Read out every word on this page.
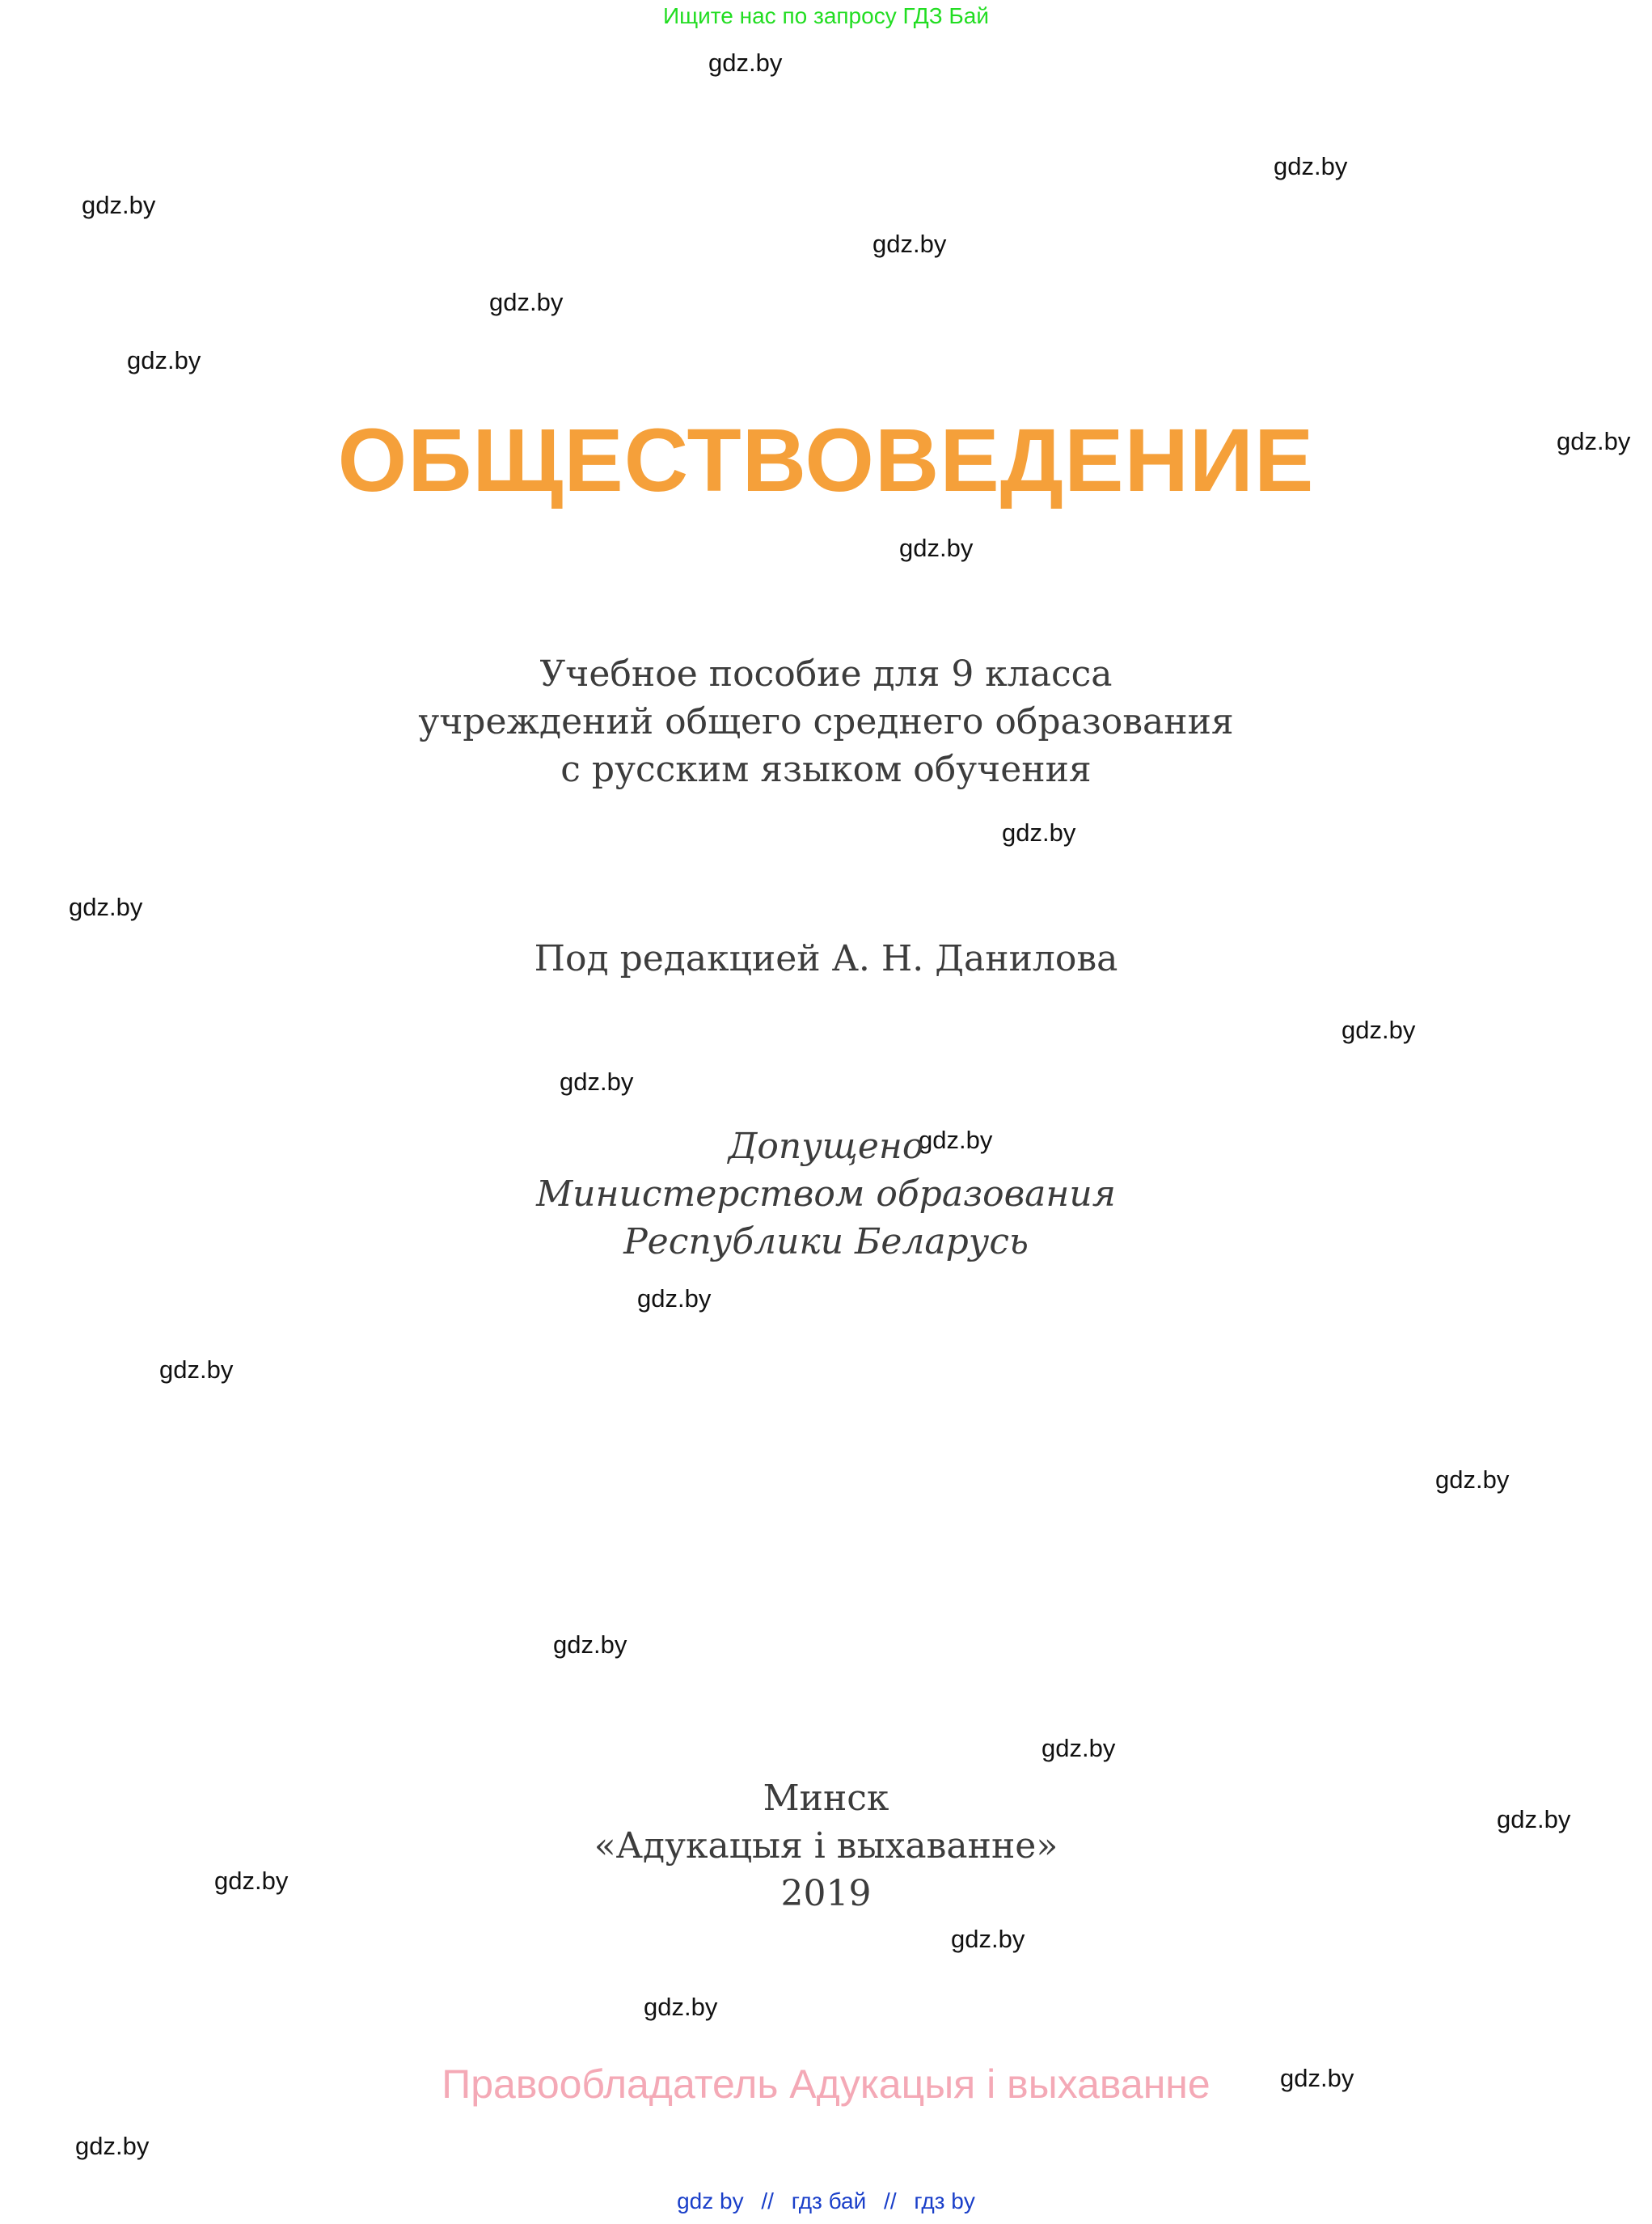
Ищите нас по запросу ГДЗ Бай
gdz.by
gdz.by
gdz.by
gdz.by
gdz.by
gdz.by
gdz.by
gdz.by
gdz.by
gdz.by
gdz.by
gdz.by
gdz.by
gdz.by
gdz.by
gdz.by
gdz.by
gdz.by
gdz.by
gdz.by
gdz.by
gdz.by
gdz.by
gdz.by
ОБЩЕСТВОВЕДЕНИЕ
Учебное пособие для 9 класса
учреждений общего среднего образования
с русским языком обучения
Под редакцией А. Н. Данилова
Допущено
Министерством образования
Республики Беларусь
Минск
«Адукацыя і выхаванне»
2019
Правообладатель Адукацыя і выхаванне
gdz by // гдз бай // гдз by
